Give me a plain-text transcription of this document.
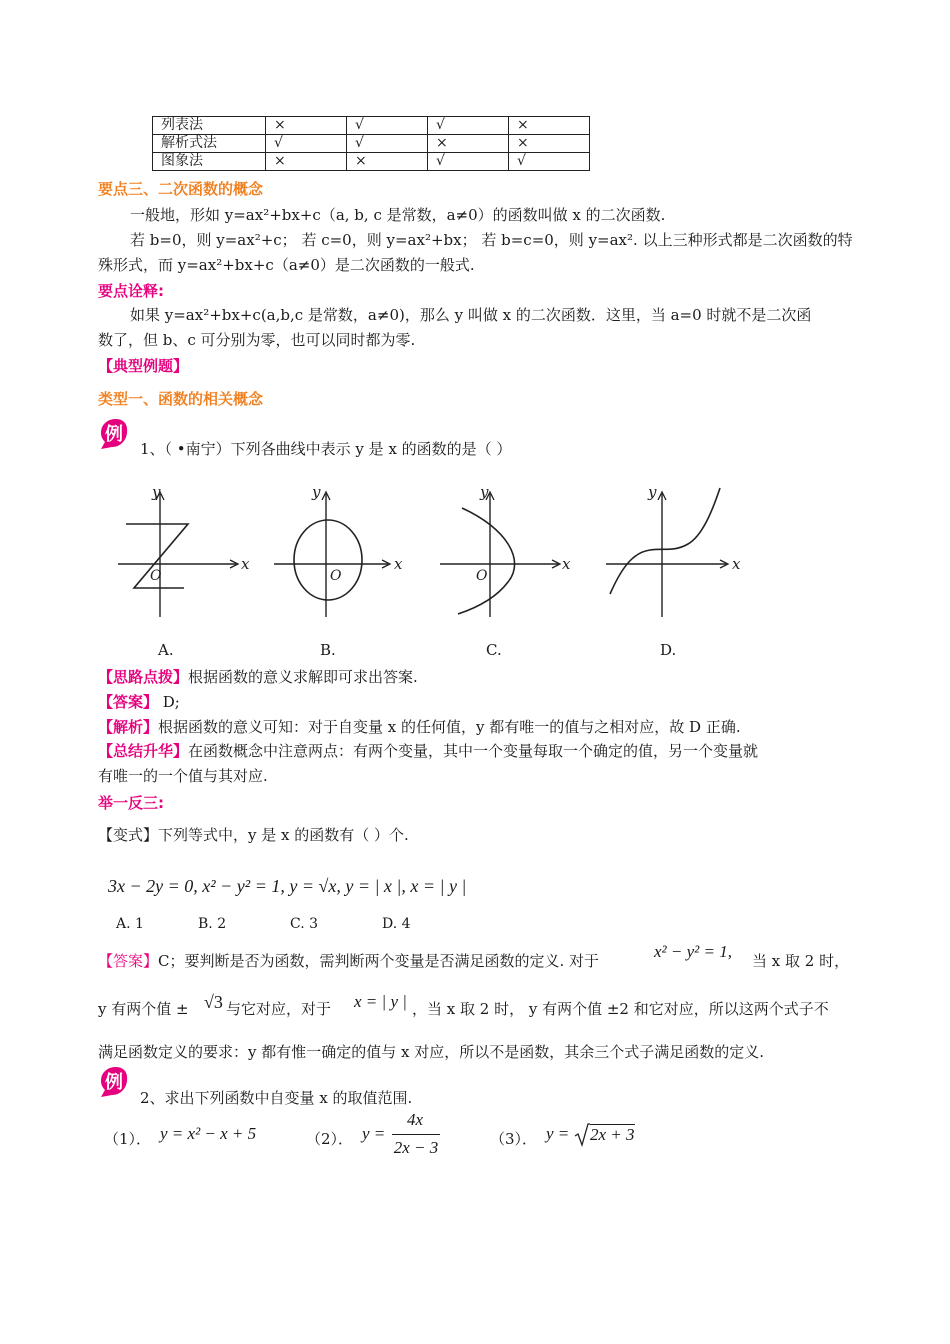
列表法	×	√	√	×
解析式法	√	√	×	×
图象法	×	×	√	√
要点三、二次函数的概念
一般地，形如 y=ax²+bx+c（a, b, c 是常数，a≠0）的函数叫做 x 的二次函数.
若 b=0，则 y=ax²+c； 若 c=0，则 y=ax²+bx； 若 b=c=0，则 y=ax². 以上三种形式都是二次函数的特
殊形式，而 y=ax²+bx+c（a≠0）是二次函数的一般式.
要点诠释:
如果 y=ax²+bx+c(a,b,c 是常数，a≠0)，那么 y 叫做 x 的二次函数．这里，当 a=0 时就不是二次函
数了，但 b、c 可分别为零，也可以同时都为零.
【典型例题】
类型一、函数的相关概念
例
1、（ •南宁）下列各曲线中表示 y 是 x 的函数的是（ ）
x
y
O
x
y
O
x
y
O
x
y
A.	B.	C.	D.
【思路点拨】根据函数的意义求解即可求出答案.
【答案】 D;
【解析】根据函数的意义可知：对于自变量 x 的任何值，y 都有唯一的值与之相对应，故 D 正确.
【总结升华】在函数概念中注意两点：有两个变量，其中一个变量每取一个确定的值，另一个变量就
有唯一的一个值与其对应.
举一反三:
【变式】下列等式中，y 是 x 的函数有（ ）个.
3x − 2y = 0, x² − y² = 1, y = √x, y = | x |, x = | y |
A. 1	B. 2	C. 3	D. 4
【答案】C；要判断是否为函数，需判断两个变量是否满足函数的定义. 对于	x² − y² = 1, 当 x 取 2 时，
y 有两个值 ± √3 与它对应，对于 x = | y | ，当 x 取 2 时， y 有两个值 ±2 和它对应，所以这两个式子不
满足函数定义的要求：y 都有惟一确定的值与 x 对应，所以不是函数，其余三个式子满足函数的定义.
例
2、求出下列函数中自变量 x 的取值范围.
（1）． y = x² − x + 5	（2）． y =
4x
2x − 3	（3）． y = 2x + 3
